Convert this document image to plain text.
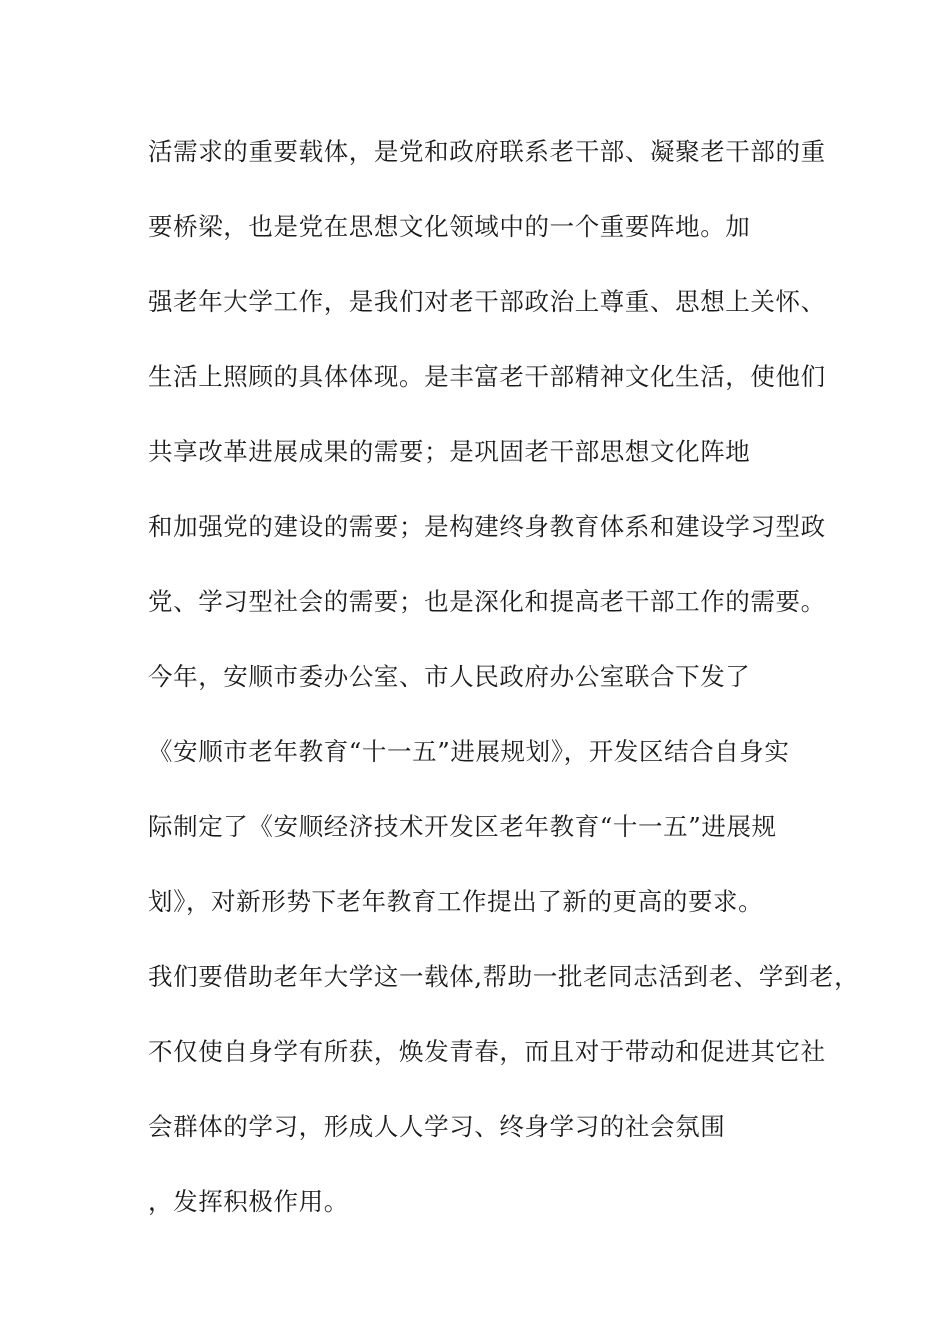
活需求的重要载体，是党和政府联系老干部、凝聚老干部的重
要桥梁，也是党在思想文化领域中的一个重要阵地。加
强老年大学工作，是我们对老干部政治上尊重、思想上关怀、
生活上照顾的具体体现。是丰富老干部精神文化生活，使他们
共享改革进展成果的需要；是巩固老干部思想文化阵地
和加强党的建设的需要；是构建终身教育体系和建设学习型政
党、学习型社会的需要；也是深化和提高老干部工作的需要。
今年，安顺市委办公室、市人民政府办公室联合下发了
《安顺市老年教育“十一五”进展规划》，开发区结合自身实
际制定了《安顺经济技术开发区老年教育“十一五”进展规
划》，对新形势下老年教育工作提出了新的更高的要求。
我们要借助老年大学这一载体,帮助一批老同志活到老、学到老，
不仅使自身学有所获，焕发青春，而且对于带动和促进其它社
会群体的学习，形成人人学习、终身学习的社会氛围
，发挥积极作用。
